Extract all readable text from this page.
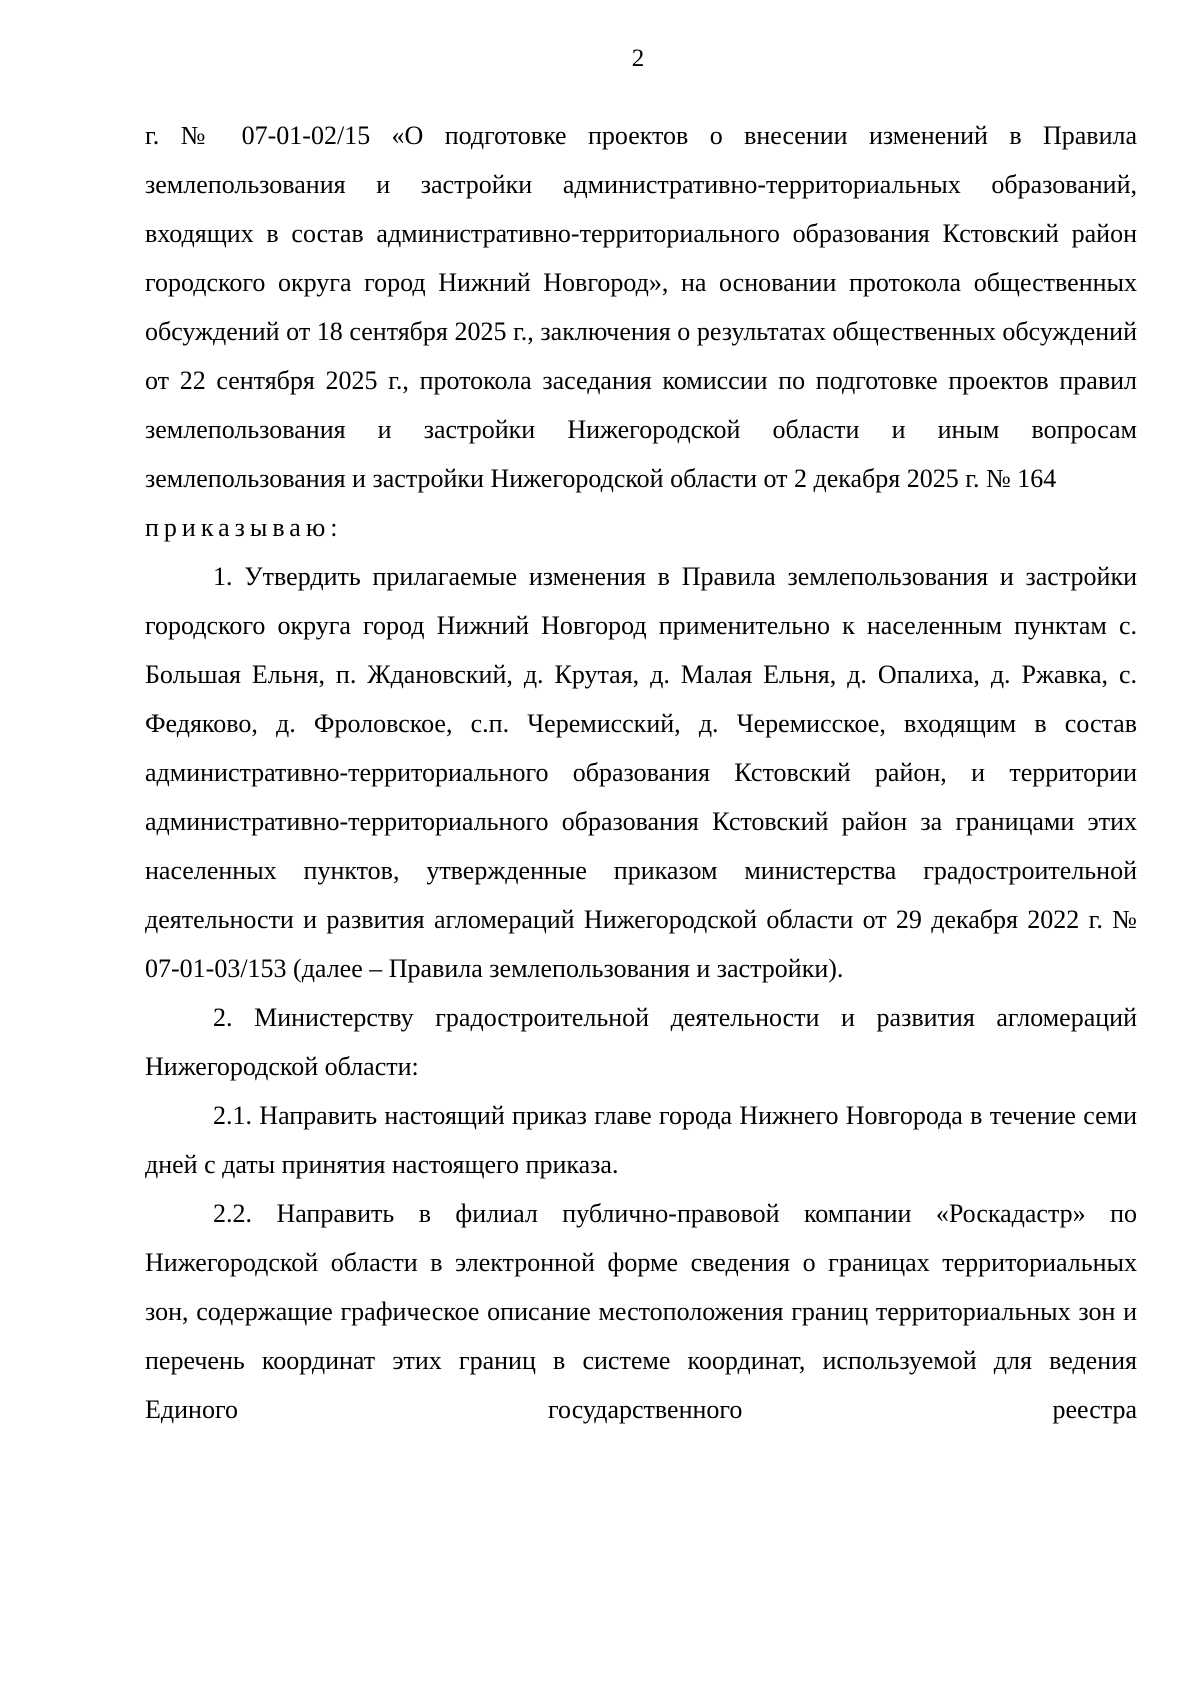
2

г. № 07-01-02/15 «О подготовке проектов о внесении изменений в Правила землепользования и застройки административно-территориальных образований, входящих в состав административно-территориального образования Кстовский район городского округа город Нижний Новгород», на основании протокола общественных обсуждений от 18 сентября 2025 г., заключения о результатах общественных обсуждений от 22 сентября 2025 г., протокола заседания комиссии по подготовке проектов правил землепользования и застройки Нижегородской области и иным вопросам землепользования и застройки Нижегородской области от 2 декабря 2025 г. № 164

приказываю:

1. Утвердить прилагаемые изменения в Правила землепользования и застройки городского округа город Нижний Новгород применительно к населенным пунктам с. Большая Ельня, п. Ждановский, д. Крутая, д. Малая Ельня, д. Опалиха, д. Ржавка, с. Федяково, д. Фроловское, с.п. Черемисский, д. Черемисское, входящим в состав административно-территориального образования Кстовский район, и территории административно-территориального образования Кстовский район за границами этих населенных пунктов, утвержденные приказом министерства градостроительной деятельности и развития агломераций Нижегородской области от 29 декабря 2022 г. № 07-01-03/153 (далее – Правила землепользования и застройки).

2. Министерству градостроительной деятельности и развития агломераций Нижегородской области:

2.1. Направить настоящий приказ главе города Нижнего Новгорода в течение семи дней с даты принятия настоящего приказа.

2.2. Направить в филиал публично-правовой компании «Роскадастр» по Нижегородской области в электронной форме сведения о границах территориальных зон, содержащие графическое описание местоположения границ территориальных зон и перечень координат этих границ в системе координат, используемой для ведения Единого государственного реестра
